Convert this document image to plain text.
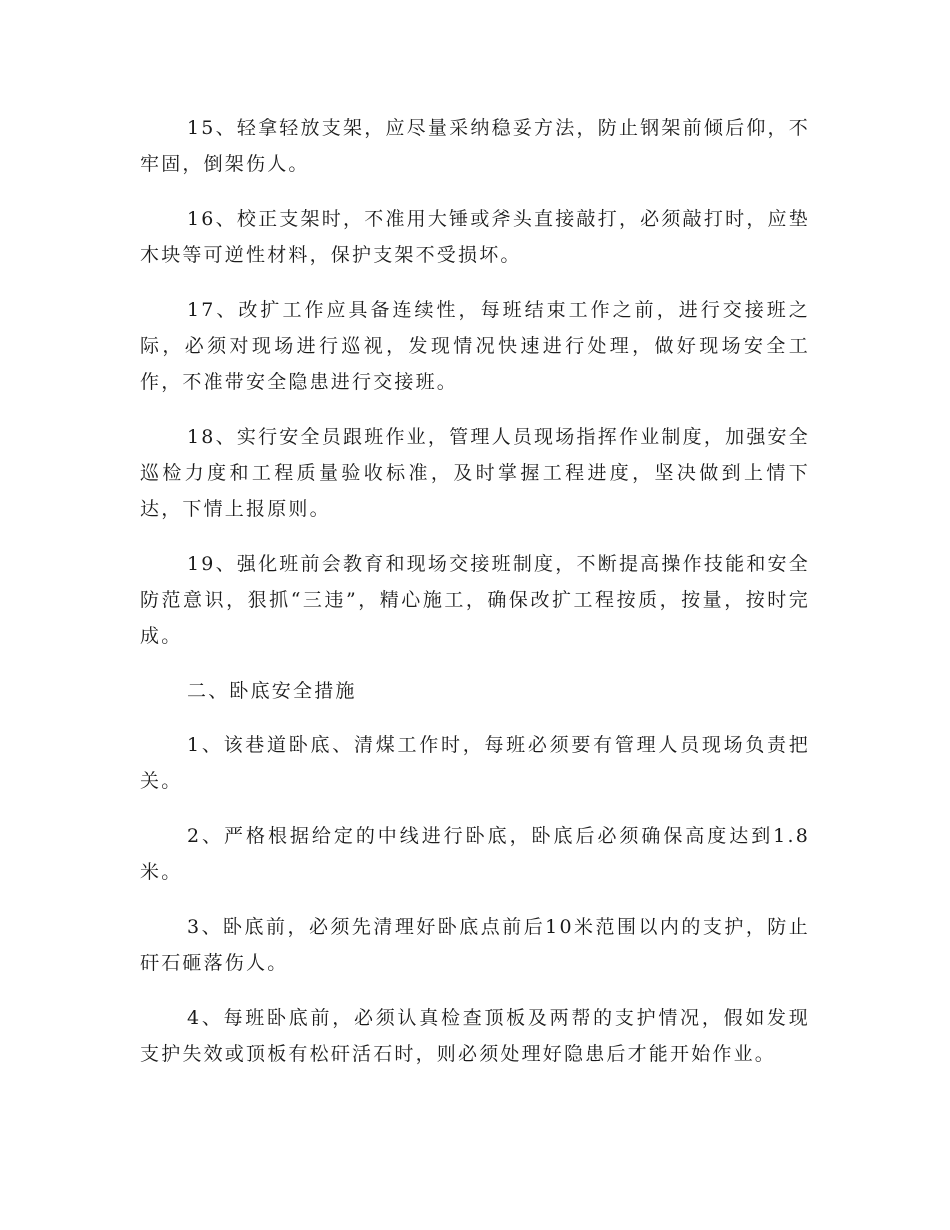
15、轻拿轻放支架，应尽量采纳稳妥方法，防止钢架前倾后仰，不牢固，倒架伤人。

16、校正支架时，不准用大锤或斧头直接敲打，必须敲打时，应垫木块等可逆性材料，保护支架不受损坏。

17、改扩工作应具备连续性，每班结束工作之前，进行交接班之际，必须对现场进行巡视，发现情况快速进行处理，做好现场安全工作，不准带安全隐患进行交接班。

18、实行安全员跟班作业，管理人员现场指挥作业制度，加强安全巡检力度和工程质量验收标准，及时掌握工程进度，坚决做到上情下达，下情上报原则。

19、强化班前会教育和现场交接班制度，不断提高操作技能和安全防范意识，狠抓“三违”，精心施工，确保改扩工程按质，按量，按时完成。

二、卧底安全措施

1、该巷道卧底、清煤工作时，每班必须要有管理人员现场负责把关。

2、严格根据给定的中线进行卧底，卧底后必须确保高度达到1.8米。

3、卧底前，必须先清理好卧底点前后10米范围以内的支护，防止矸石砸落伤人。

4、每班卧底前，必须认真检查顶板及两帮的支护情况，假如发现支护失效或顶板有松矸活石时，则必须处理好隐患后才能开始作业。
